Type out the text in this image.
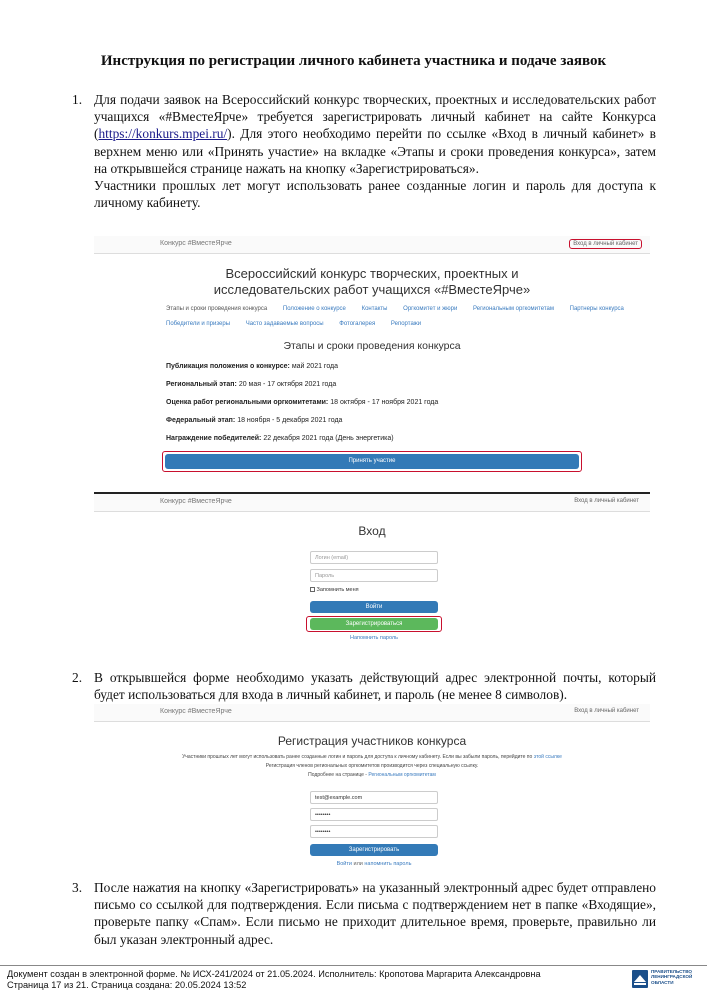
Инструкция по регистрации личного кабинета участника и подаче заявок
1. Для подачи заявок на Всероссийский конкурс творческих, проектных и исследовательских работ учащихся «#ВместеЯрче» требуется зарегистрировать личный кабинет на сайте Конкурса (https://konkurs.mpei.ru/). Для этого необходимо перейти по ссылке «Вход в личный кабинет» в верхнем меню или «Принять участие» на вкладке «Этапы и сроки проведения конкурса», затем на открывшейся странице нажать на кнопку «Зарегистрироваться».
Участники прошлых лет могут использовать ранее созданные логин и пароль для доступа к личному кабинету.
Конкурс #ВместеЯрче	Вход в личный кабинет
Всероссийский конкурс творческих, проектных и
исследовательских работ учащихся «#ВместеЯрче»
Этапы и сроки проведения конкурса	Положение о конкурсе	Контакты	Оргкомитет и жюри	Региональным оргкомитетам	Партнеры конкурса
Победители и призеры	Часто задаваемые вопросы	Фотогалерея	Репортажи
Этапы и сроки проведения конкурса
Публикация положения о конкурсе: май 2021 года
Региональный этап: 20 мая - 17 октября 2021 года
Оценка работ региональными оргкомитетами: 18 октября - 17 ноября 2021 года
Федеральный этап: 18 ноября - 5 декабря 2021 года
Награждение победителей: 22 декабря 2021 года (День энергетика)
Принять участие
Конкурс #ВместеЯрче	Вход в личный кабинет
Вход
Логин (email)
Пароль
Запомнить меня
Войти
Зарегистрироваться
Напомнить пароль
2. В открывшейся форме необходимо указать действующий адрес электронной почты, который будет использоваться для входа в личный кабинет, и пароль (не менее 8 символов).
Конкурс #ВместеЯрче	Вход в личный кабинет
Регистрация участников конкурса
Участники прошлых лет могут использовать ранее созданные логин и пароль для доступа к личному кабинету. Если вы забыли пароль, перейдите по этой ссылке
Регистрация членов региональных оргкомитетов производится через специальную ссылку.
Подробнее на странице - Региональным оргкомитетам
test@example.com
••••••••
••••••••
Зарегистрировать
Войти или напомнить пароль
3. После нажатия на кнопку «Зарегистрировать» на указанный электронный адрес будет отправлено письмо со ссылкой для подтверждения. Если письма с подтверждением нет в папке «Входящие», проверьте папку «Спам». Если письмо не приходит длительное время, проверьте, правильно ли был указан электронный адрес.
Документ создан в электронной форме. № ИСХ-241/2024 от 21.05.2024. Исполнитель: Кропотова Маргарита Александровна
Страница 17 из 21. Страница создана: 20.05.2024 13:52
ПРАВИТЕЛЬСТВО
ЛЕНИНГРАДСКОЙ
ОБЛАСТИ
